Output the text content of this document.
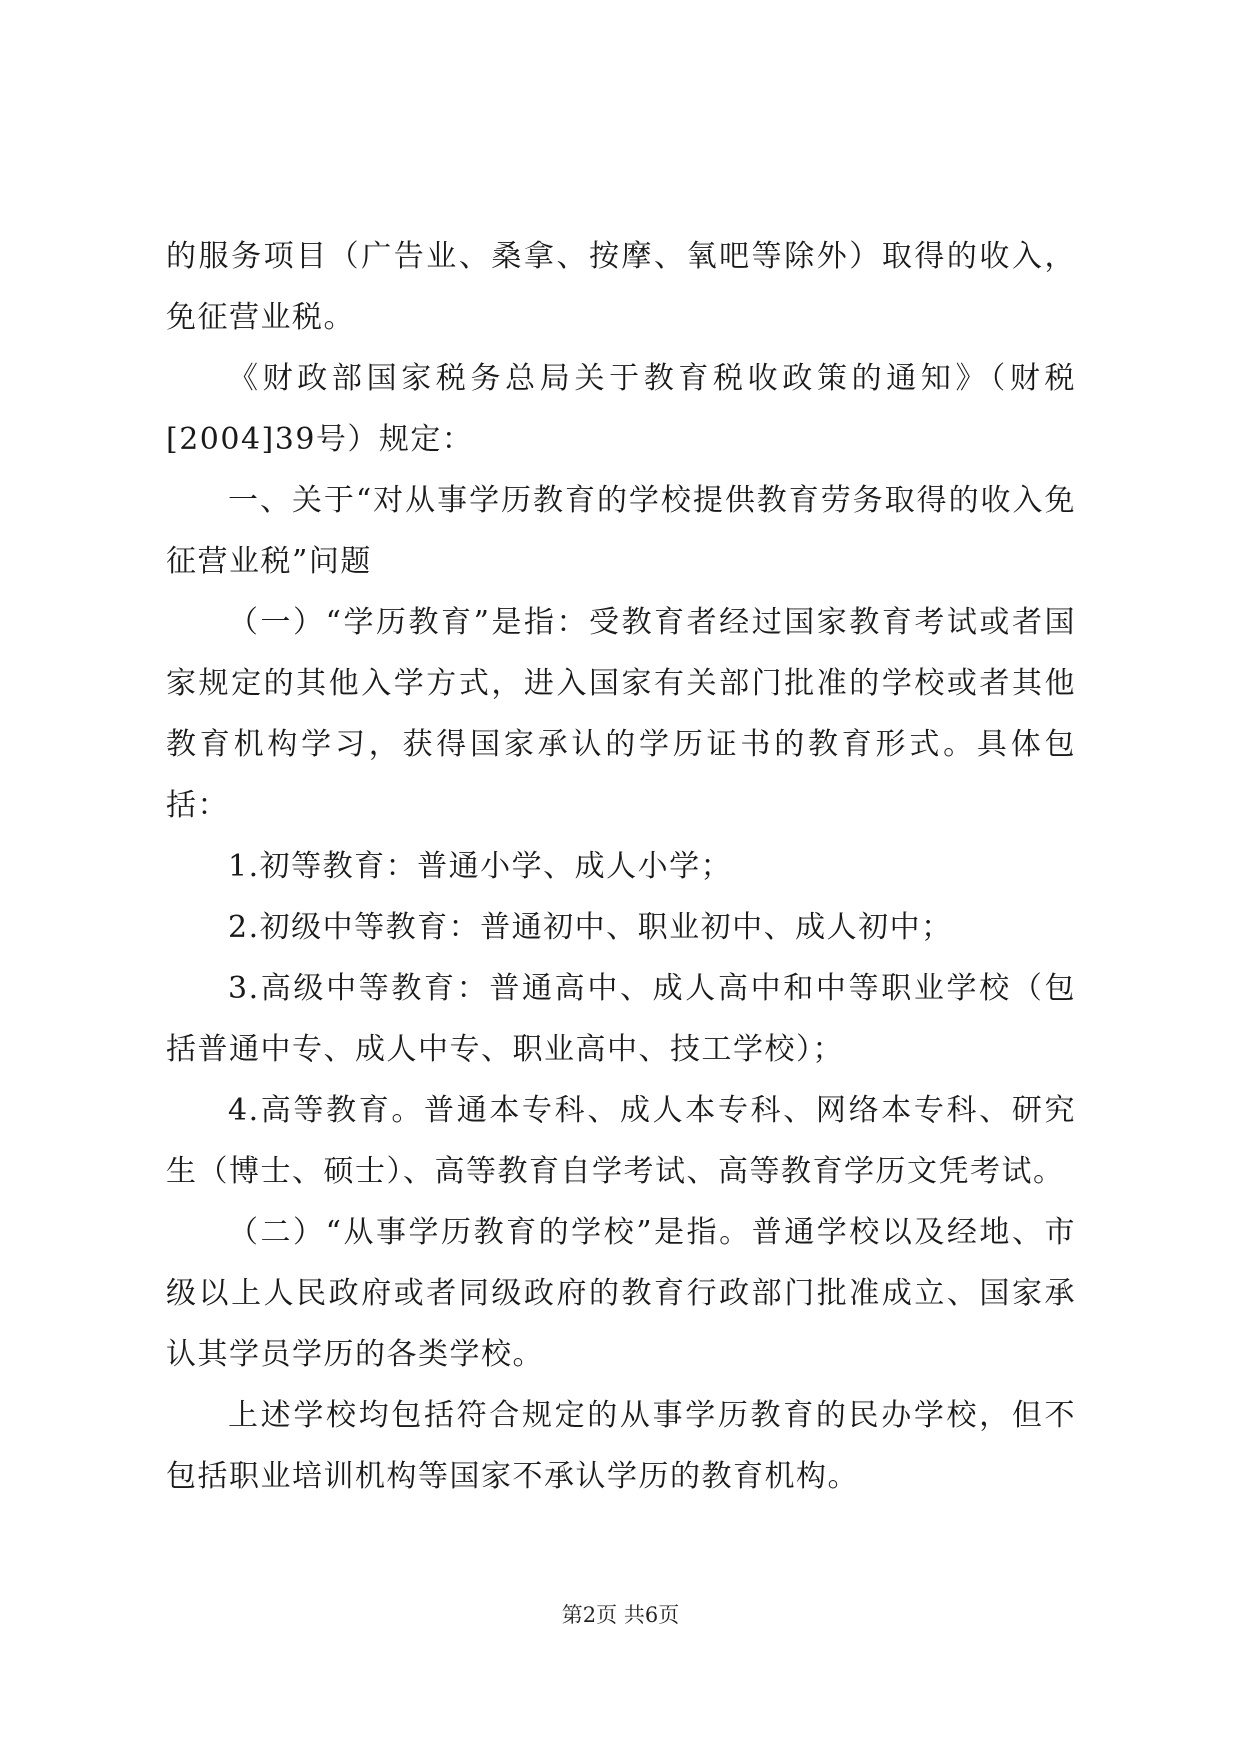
的服务项目（广告业、桑拿、按摩、氧吧等除外）取得的收入，免征营业税。

《财政部国家税务总局关于教育税收政策的通知》（财税[2004]39号）规定：

一、关于“对从事学历教育的学校提供教育劳务取得的收入免征营业税”问题

（一）“学历教育”是指：受教育者经过国家教育考试或者国家规定的其他入学方式，进入国家有关部门批准的学校或者其他教育机构学习，获得国家承认的学历证书的教育形式。具体包括：

1.初等教育：普通小学、成人小学；

2.初级中等教育：普通初中、职业初中、成人初中；

3.高级中等教育：普通高中、成人高中和中等职业学校（包括普通中专、成人中专、职业高中、技工学校）；

4.高等教育。普通本专科、成人本专科、网络本专科、研究生（博士、硕士）、高等教育自学考试、高等教育学历文凭考试。

（二）“从事学历教育的学校”是指。普通学校以及经地、市级以上人民政府或者同级政府的教育行政部门批准成立、国家承认其学员学历的各类学校。

上述学校均包括符合规定的从事学历教育的民办学校，但不包括职业培训机构等国家不承认学历的教育机构。

第2页 共6页
